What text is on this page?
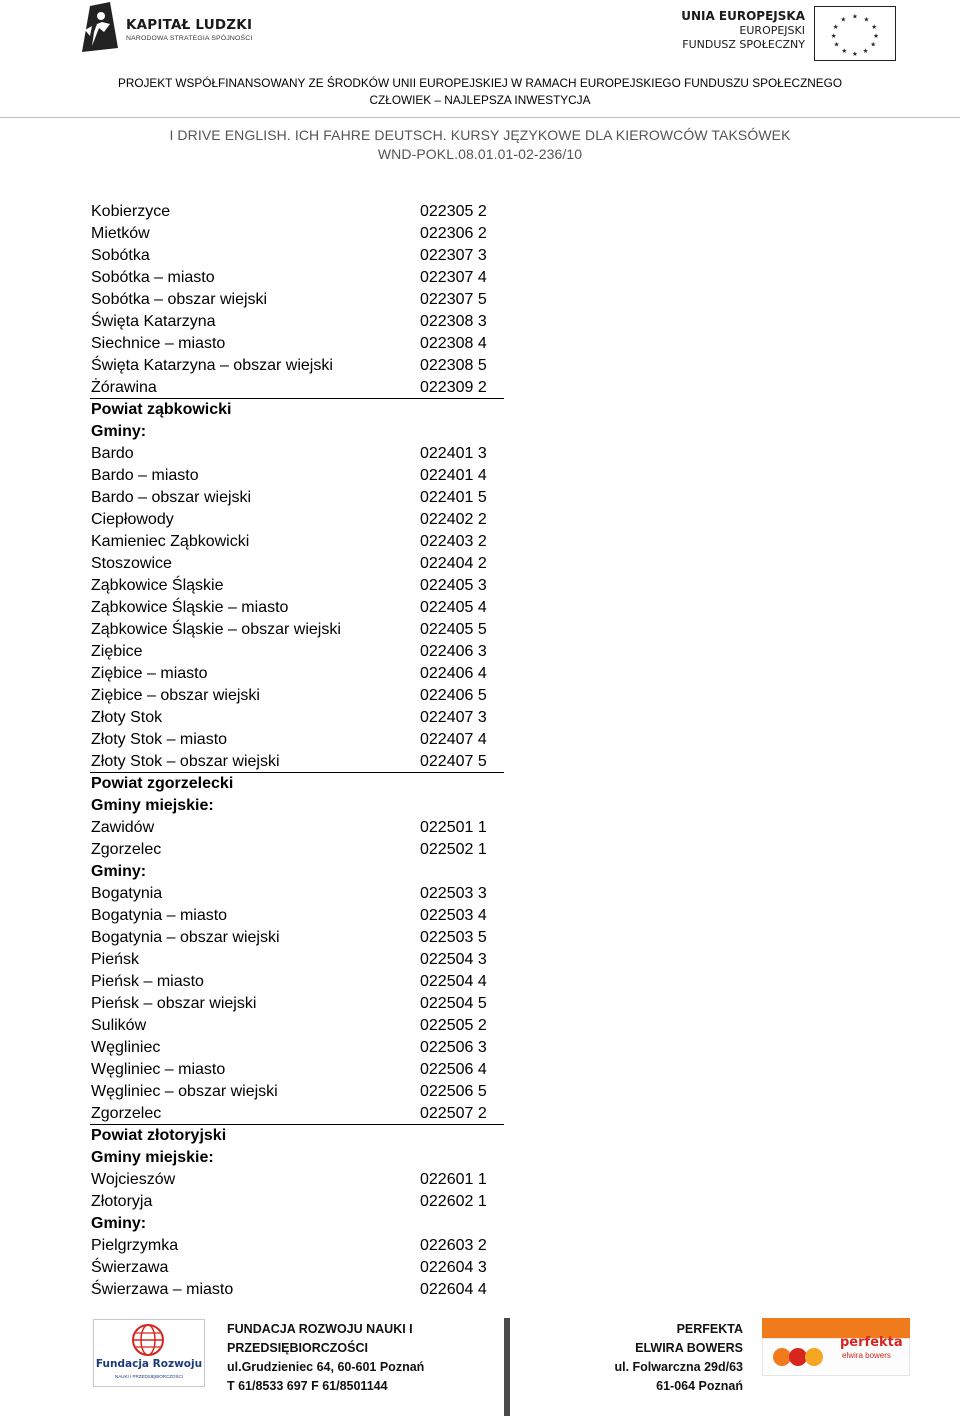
KAPITAŁ LUDZKI
NARODOWA STRATEGIA SPÓJNOŚCI
UNIA EUROPEJSKA
EUROPEJSKI
FUNDUSZ SPOŁECZNY
★ ★
★
★
★
★
★
★
★
★
★
★
PROJEKT WSPÓŁFINANSOWANY ZE ŚRODKÓW UNII EUROPEJSKIEJ W RAMACH EUROPEJSKIEGO FUNDUSZU SPOŁECZNEGO
CZŁOWIEK – NAJLEPSZA INWESTYCJA
I DRIVE ENGLISH. ICH FAHRE DEUTSCH. KURSY JĘZYKOWE DLA KIEROWCÓW TAKSÓWEK
WND-POKL.08.01.01-02-236/10
Kobierzyce	022305 2
Mietków	022306 2
Sobótka	022307 3
Sobótka – miasto	022307 4
Sobótka – obszar wiejski	022307 5
Święta Katarzyna	022308 3
Siechnice – miasto	022308 4
Święta Katarzyna – obszar wiejski	022308 5
Żórawina	022309 2
Powiat ząbkowicki
Gminy:
Bardo	022401 3
Bardo – miasto	022401 4
Bardo – obszar wiejski	022401 5
Ciepłowody	022402 2
Kamieniec Ząbkowicki	022403 2
Stoszowice	022404 2
Ząbkowice Śląskie	022405 3
Ząbkowice Śląskie – miasto	022405 4
Ząbkowice Śląskie – obszar wiejski	022405 5
Ziębice	022406 3
Ziębice – miasto	022406 4
Ziębice – obszar wiejski	022406 5
Złoty Stok	022407 3
Złoty Stok – miasto	022407 4
Złoty Stok – obszar wiejski	022407 5
Powiat zgorzelecki
Gminy miejskie:
Zawidów	022501 1
Zgorzelec	022502 1
Gminy:
Bogatynia	022503 3
Bogatynia – miasto	022503 4
Bogatynia – obszar wiejski	022503 5
Pieńsk	022504 3
Pieńsk – miasto	022504 4
Pieńsk – obszar wiejski	022504 5
Sulików	022505 2
Węgliniec	022506 3
Węgliniec – miasto	022506 4
Węgliniec – obszar wiejski	022506 5
Zgorzelec	022507 2
Powiat złotoryjski
Gminy miejskie:
Wojcieszów	022601 1
Złotoryja	022602 1
Gminy:
Pielgrzymka	022603 2
Świerzawa	022604 3
Świerzawa – miasto	022604 4
Fundacja Rozwoju
NAUKI I PRZEDSIĘBIORCZOŚCI
FUNDACJA ROZWOJU NAUKI I
PRZEDSIĘBIORCZOŚCI
ul.Grudzieniec 64, 60-601 Poznań
T 61/8533 697 F 61/8501144
PERFEKTA
ELWIRA BOWERS
ul. Folwarczna 29d/63
61-064 Poznań
perfekta
elwira bowers
